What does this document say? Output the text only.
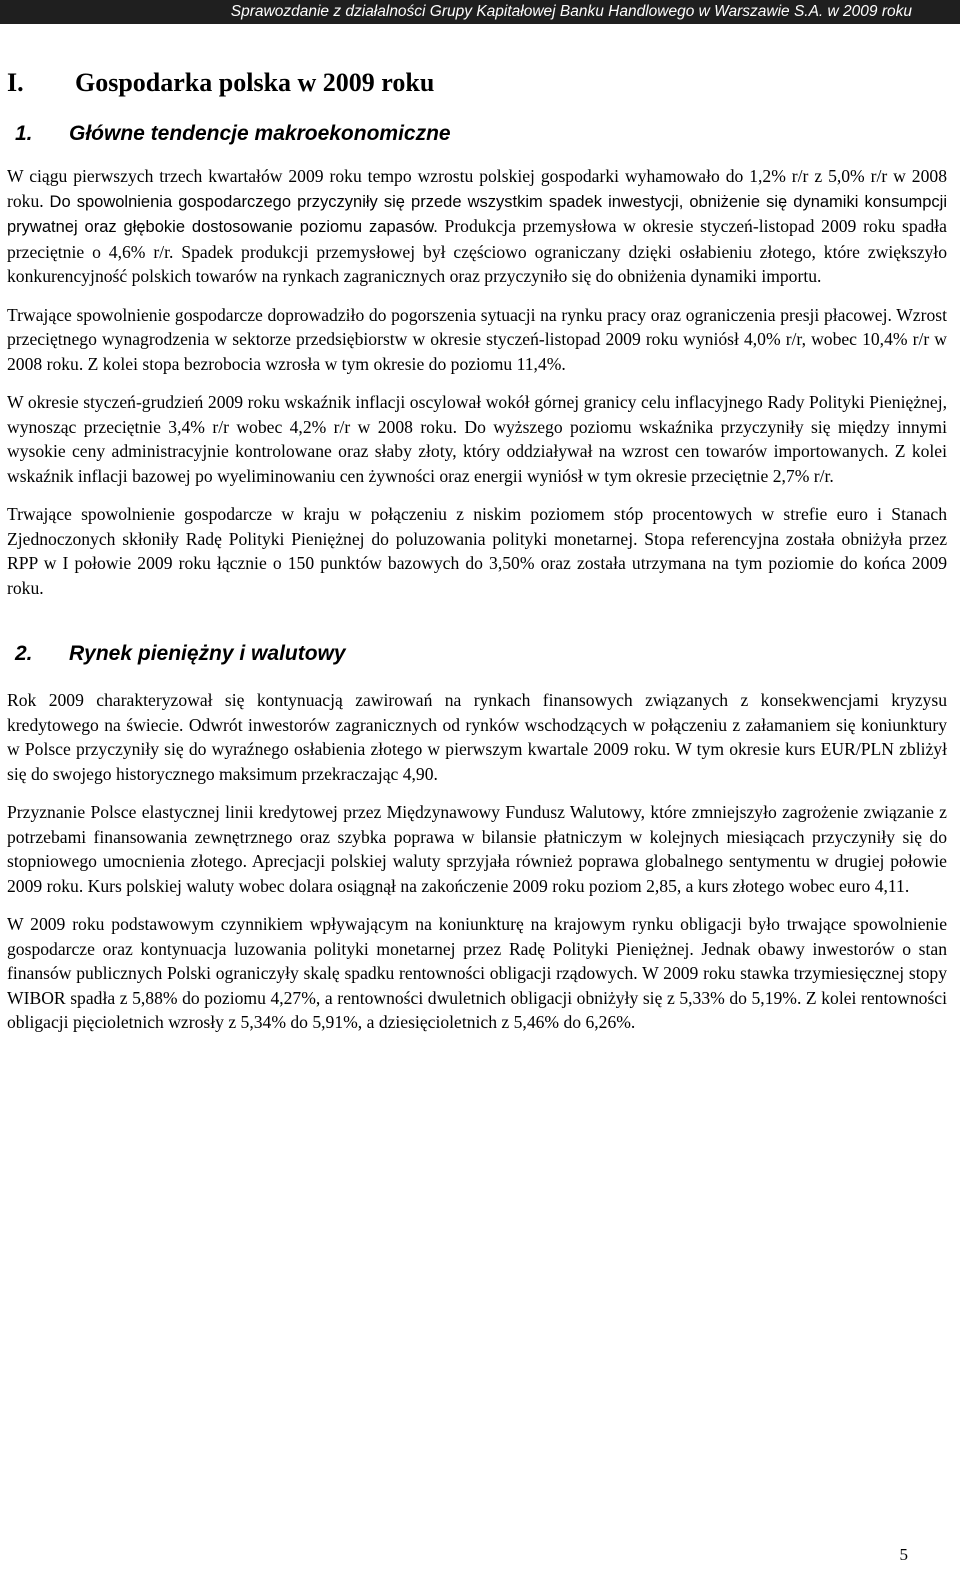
Sprawozdanie z działalności Grupy Kapitałowej Banku Handlowego w Warszawie S.A. w 2009 roku
I. Gospodarka polska w 2009 roku
1. Główne tendencje makroekonomiczne

W ciągu pierwszych trzech kwartałów 2009 roku tempo wzrostu polskiej gospodarki wyhamowało do 1,2% r/r z 5,0% r/r w 2008 roku. Do spowolnienia gospodarczego przyczyniły się przede wszystkim spadek inwestycji, obniżenie się dynamiki konsumpcji prywatnej oraz głębokie dostosowanie poziomu zapasów. Produkcja przemysłowa w okresie styczeń-listopad 2009 roku spadła przeciętnie o 4,6% r/r. Spadek produkcji przemysłowej był częściowo ograniczany dzięki osłabieniu złotego, które zwiększyło konkurencyjność polskich towarów na rynkach zagranicznych oraz przyczyniło się do obniżenia dynamiki importu.

Trwające spowolnienie gospodarcze doprowadziło do pogorszenia sytuacji na rynku pracy oraz ograniczenia presji płacowej. Wzrost przeciętnego wynagrodzenia w sektorze przedsiębiorstw w okresie styczeń-listopad 2009 roku wyniósł 4,0% r/r, wobec 10,4% r/r w 2008 roku. Z kolei stopa bezrobocia wzrosła w tym okresie do poziomu 11,4%.

W okresie styczeń-grudzień 2009 roku wskaźnik inflacji oscylował wokół górnej granicy celu inflacyjnego Rady Polityki Pieniężnej, wynosząc przeciętnie 3,4% r/r wobec 4,2% r/r w 2008 roku. Do wyższego poziomu wskaźnika przyczyniły się między innymi wysokie ceny administracyjnie kontrolowane oraz słaby złoty, który oddziaływał na wzrost cen towarów importowanych. Z kolei wskaźnik inflacji bazowej po wyeliminowaniu cen żywności oraz energii wyniósł w tym okresie przeciętnie 2,7% r/r.

Trwające spowolnienie gospodarcze w kraju w połączeniu z niskim poziomem stóp procentowych w strefie euro i Stanach Zjednoczonych skłoniły Radę Polityki Pieniężnej do poluzowania polityki monetarnej. Stopa referencyjna została obniżyła przez RPP w I połowie 2009 roku łącznie o 150 punktów bazowych do 3,50% oraz została utrzymana na tym poziomie do końca 2009 roku.

2. Rynek pieniężny i walutowy

Rok 2009 charakteryzował się kontynuacją zawirowań na rynkach finansowych związanych z konsekwencjami kryzysu kredytowego na świecie. Odwrót inwestorów zagranicznych od rynków wschodzących w połączeniu z załamaniem się koniunktury w Polsce przyczyniły się do wyraźnego osłabienia złotego w pierwszym kwartale 2009 roku. W tym okresie kurs EUR/PLN zbliżył się do swojego historycznego maksimum przekraczając 4,90.

Przyznanie Polsce elastycznej linii kredytowej przez Międzynawowy Fundusz Walutowy, które zmniejszyło zagrożenie związanie z potrzebami finansowania zewnętrznego oraz szybka poprawa w bilansie płatniczym w kolejnych miesiącach przyczyniły się do stopniowego umocnienia złotego. Aprecjacji polskiej waluty sprzyjała również poprawa globalnego sentymentu w drugiej połowie 2009 roku. Kurs polskiej waluty wobec dolara osiągnął na zakończenie 2009 roku poziom 2,85, a kurs złotego wobec euro 4,11.

W 2009 roku podstawowym czynnikiem wpływającym na koniunkturę na krajowym rynku obligacji było trwające spowolnienie gospodarcze oraz kontynuacja luzowania polityki monetarnej przez Radę Polityki Pieniężnej. Jednak obawy inwestorów o stan finansów publicznych Polski ograniczyły skalę spadku rentowności obligacji rządowych. W 2009 roku stawka trzymiesięcznej stopy WIBOR spadła z 5,88% do poziomu 4,27%, a rentowności dwuletnich obligacji obniżyły się z 5,33% do 5,19%. Z kolei rentowności obligacji pięcioletnich wzrosły z 5,34% do 5,91%, a dziesięcioletnich z 5,46% do 6,26%.

5
